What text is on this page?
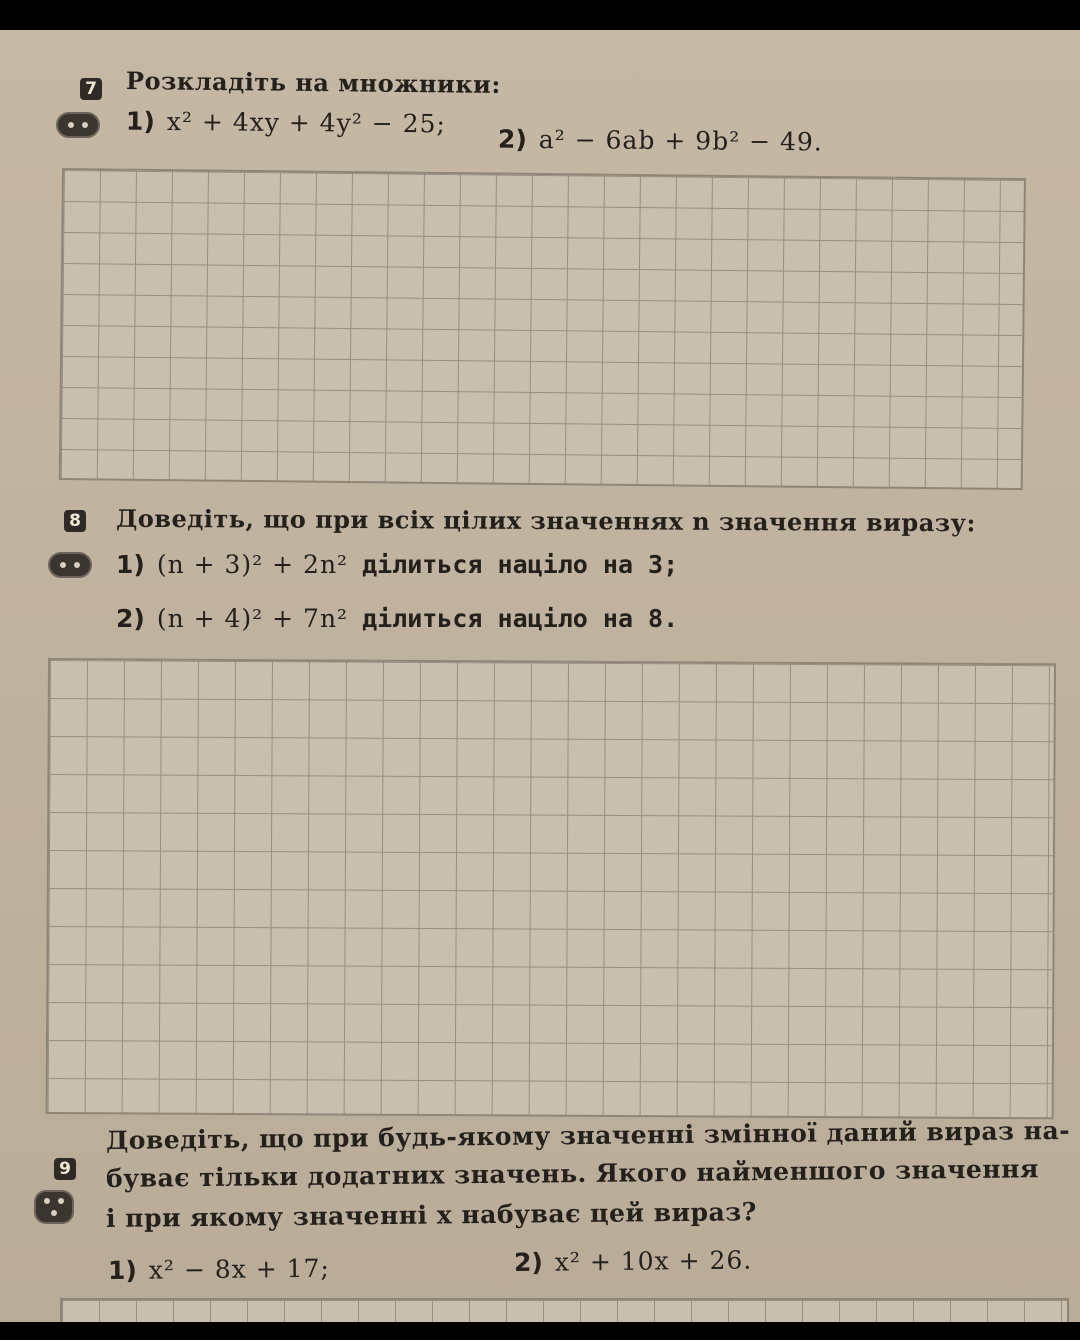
7 Розкладіть на множники:
1) x² + 4xy + 4y² − 25;
2) a² − 6ab + 9b² − 49.
8 Доведіть, що при всіх цілих значеннях n значення виразу:
1) (n + 3)² + 2n² ділиться націло на 3;
2) (n + 4)² + 7n² ділиться націло на 8.
9
Доведіть, що при будь-якому значенні змінної даний вираз на-
буває тільки додатних значень. Якого найменшого значення
і при якому значенні x набуває цей вираз?
1) x² − 8x + 17;	2) x² + 10x + 26.
